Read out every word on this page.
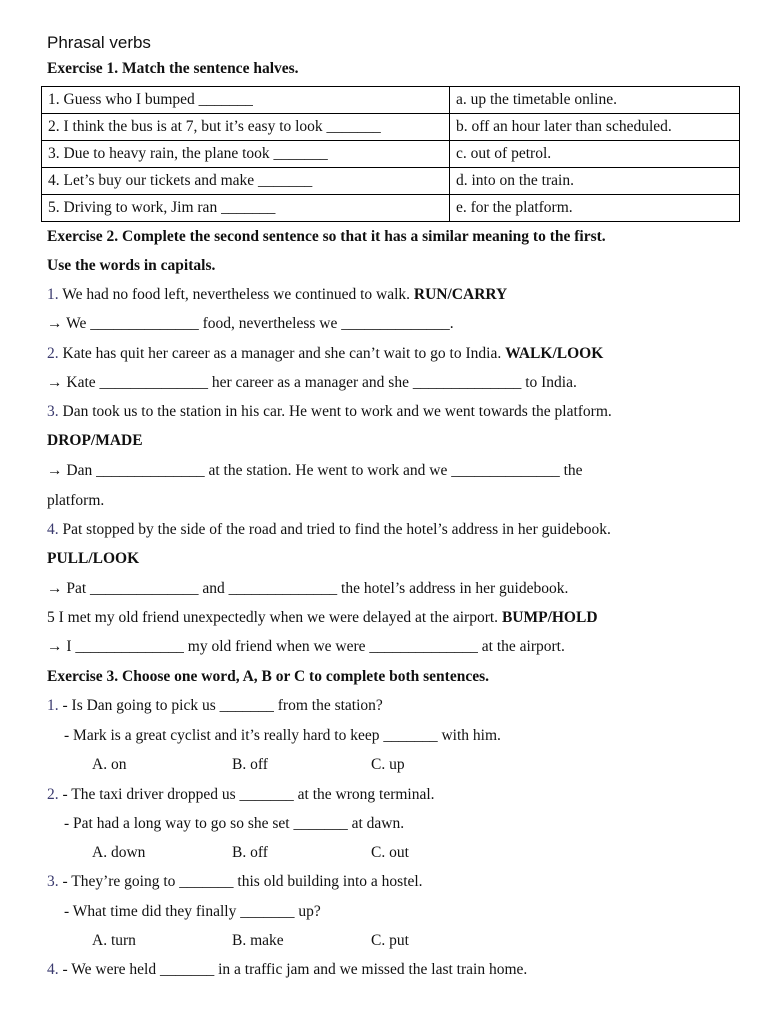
Phrasal verbs
Exercise 1. Match the sentence halves.
1. Guess who I bumped _______	a. up the timetable online.
2. I think the bus is at 7, but it’s easy to look _______	b. off an hour later than scheduled.
3. Due to heavy rain, the plane took _______	c. out of petrol.
4. Let’s buy our tickets and make _______	d. into on the train.
5. Driving to work, Jim ran _______	e. for the platform.
Exercise 2. Complete the second sentence so that it has a similar meaning to the first.
Use the words in capitals.
1. We had no food left, nevertheless we continued to walk. RUN/CARRY
→ We ______________ food, nevertheless we ______________.
2. Kate has quit her career as a manager and she can’t wait to go to India. WALK/LOOK
→ Kate ______________ her career as a manager and she ______________ to India.
3. Dan took us to the station in his car. He went to work and we went towards the platform.
DROP/MADE
→ Dan ______________ at the station. He went to work and we ______________ the
platform.
4. Pat stopped by the side of the road and tried to find the hotel’s address in her guidebook.
PULL/LOOK
→ Pat ______________ and ______________ the hotel’s address in her guidebook.
5 I met my old friend unexpectedly when we were delayed at the airport. BUMP/HOLD
→ I ______________ my old friend when we were ______________ at the airport.
Exercise 3. Choose one word, A, B or C to complete both sentences.
1. - Is Dan going to pick us _______ from the station?
- Mark is a great cyclist and it’s really hard to keep _______ with him.
A. on	B. off	C. up
2. - The taxi driver dropped us _______ at the wrong terminal.
- Pat had a long way to go so she set _______ at dawn.
A. down	B. off	C. out
3. - They’re going to _______ this old building into a hostel.
- What time did they finally _______ up?
A. turn	B. make	C. put
4. - We were held _______ in a traffic jam and we missed the last train home.
